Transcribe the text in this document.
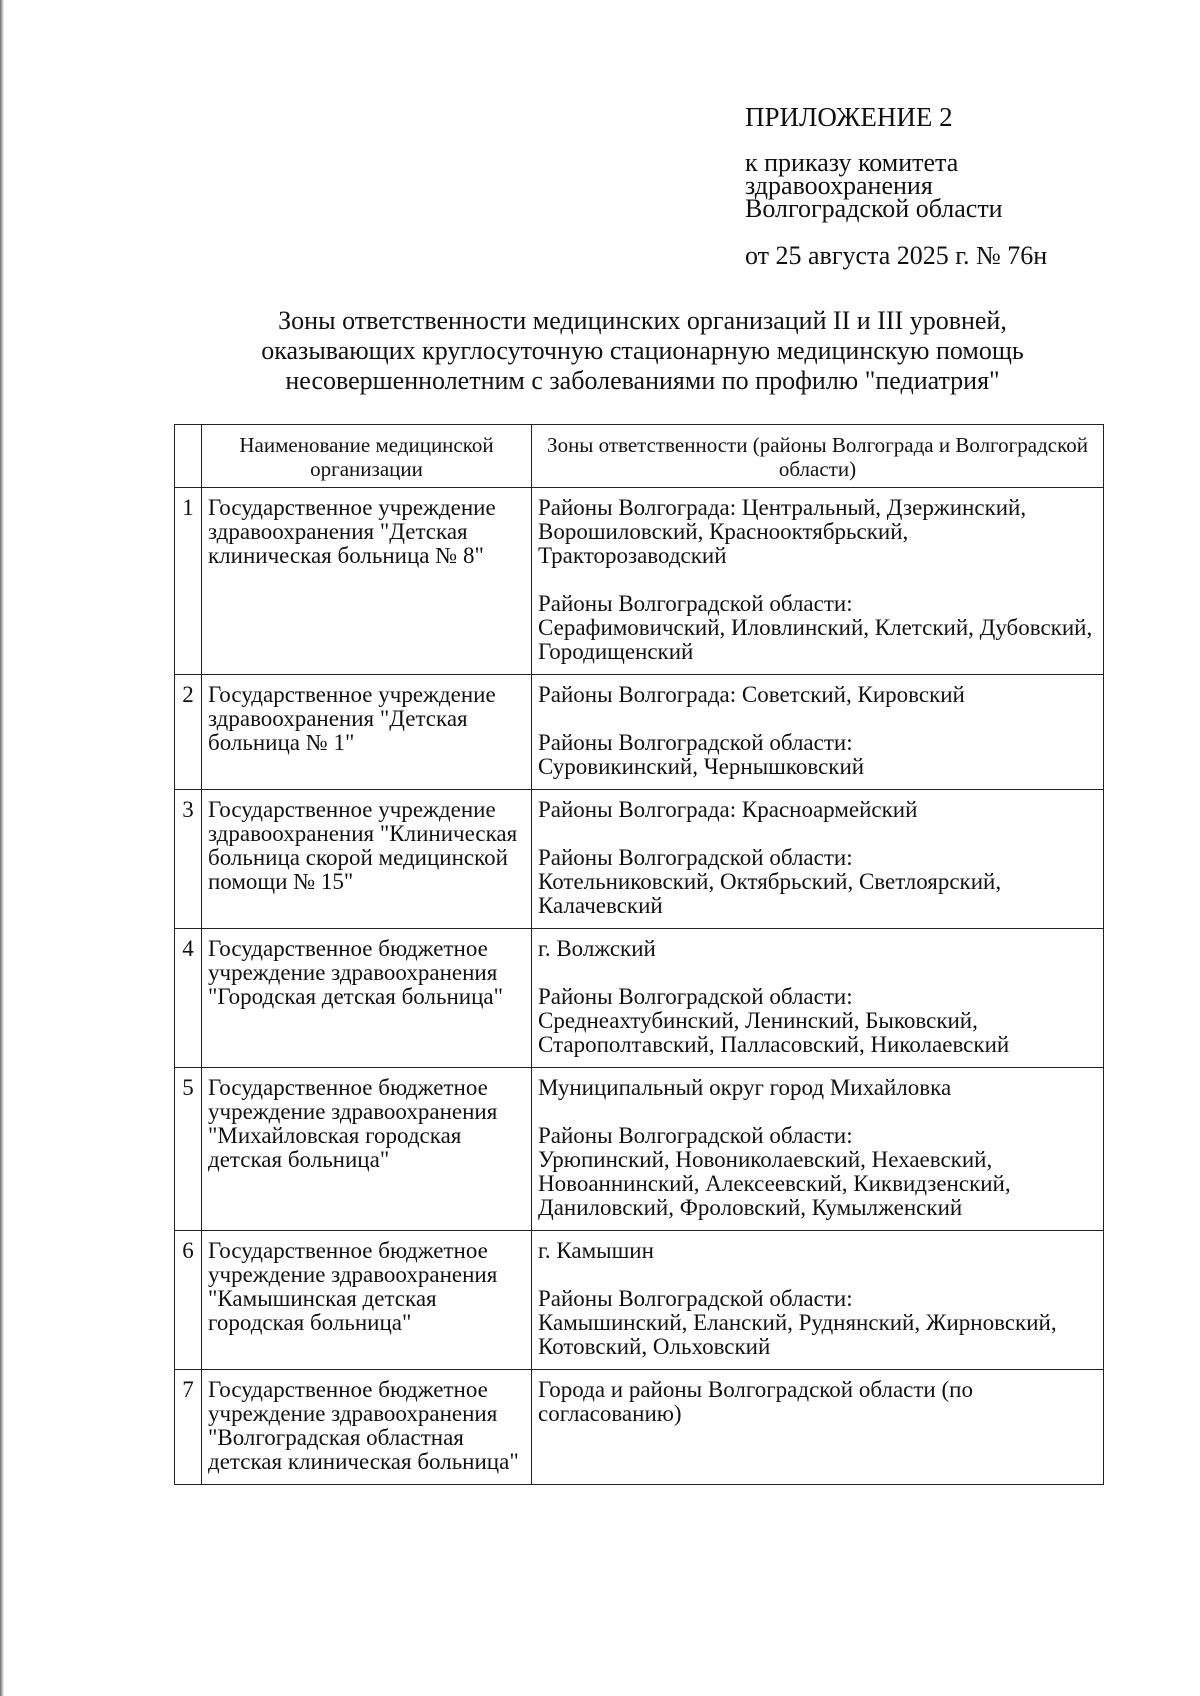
ПРИЛОЖЕНИЕ 2

к приказу комитета

здравоохранения

Волгоградской области

от 25 августа 2025 г. № 76н

Зоны ответственности медицинских организаций II и III уровней,
оказывающих круглосуточную стационарную медицинскую помощь
несовершеннолетним с заболеваниями по профилю "педиатрия"
	Наименование медицинской организации	Зоны ответственности (районы Волгограда и Волгоградской области)
1	Государственное учреждение здравоохранения "Детская клиническая больница № 8"	Районы Волгограда: Центральный, Дзержинский, Ворошиловский, Краснооктябрьский, Тракторозаводский
Районы Волгоградской области:
Серафимовичский, Иловлинский, Клетский, Дубовский, Городищенский

2	Государственное учреждение здравоохранения "Детская больница № 1"	Районы Волгограда: Советский, Кировский
Районы Волгоградской области:
Суровикинский, Чернышковский

3	Государственное учреждение здравоохранения "Клиническая больница скорой медицинской помощи № 15"	Районы Волгограда: Красноармейский
Районы Волгоградской области:
Котельниковский, Октябрьский, Светлоярский, Калачевский

4	Государственное бюджетное учреждение здравоохранения "Городская детская больница"	г. Волжский
Районы Волгоградской области:
Среднеахтубинский, Ленинский, Быковский, Старополтавский, Палласовский, Николаевский

5	Государственное бюджетное учреждение здравоохранения "Михайловская городская детская больница"	Муниципальный округ город Михайловка
Районы Волгоградской области:
Урюпинский, Новониколаевский, Нехаевский, Новоаннинский, Алексеевский, Киквидзенский, Даниловский, Фроловский, Кумылженский

6	Государственное бюджетное учреждение здравоохранения "Камышинская детская городская больница"	г. Камышин
Районы Волгоградской области:
Камышинский, Еланский, Руднянский, Жирновский, Котовский, Ольховский

7	Государственное бюджетное учреждение здравоохранения "Волгоградская областная детская клиническая больница"	Города и районы Волгоградской области (по согласованию)
